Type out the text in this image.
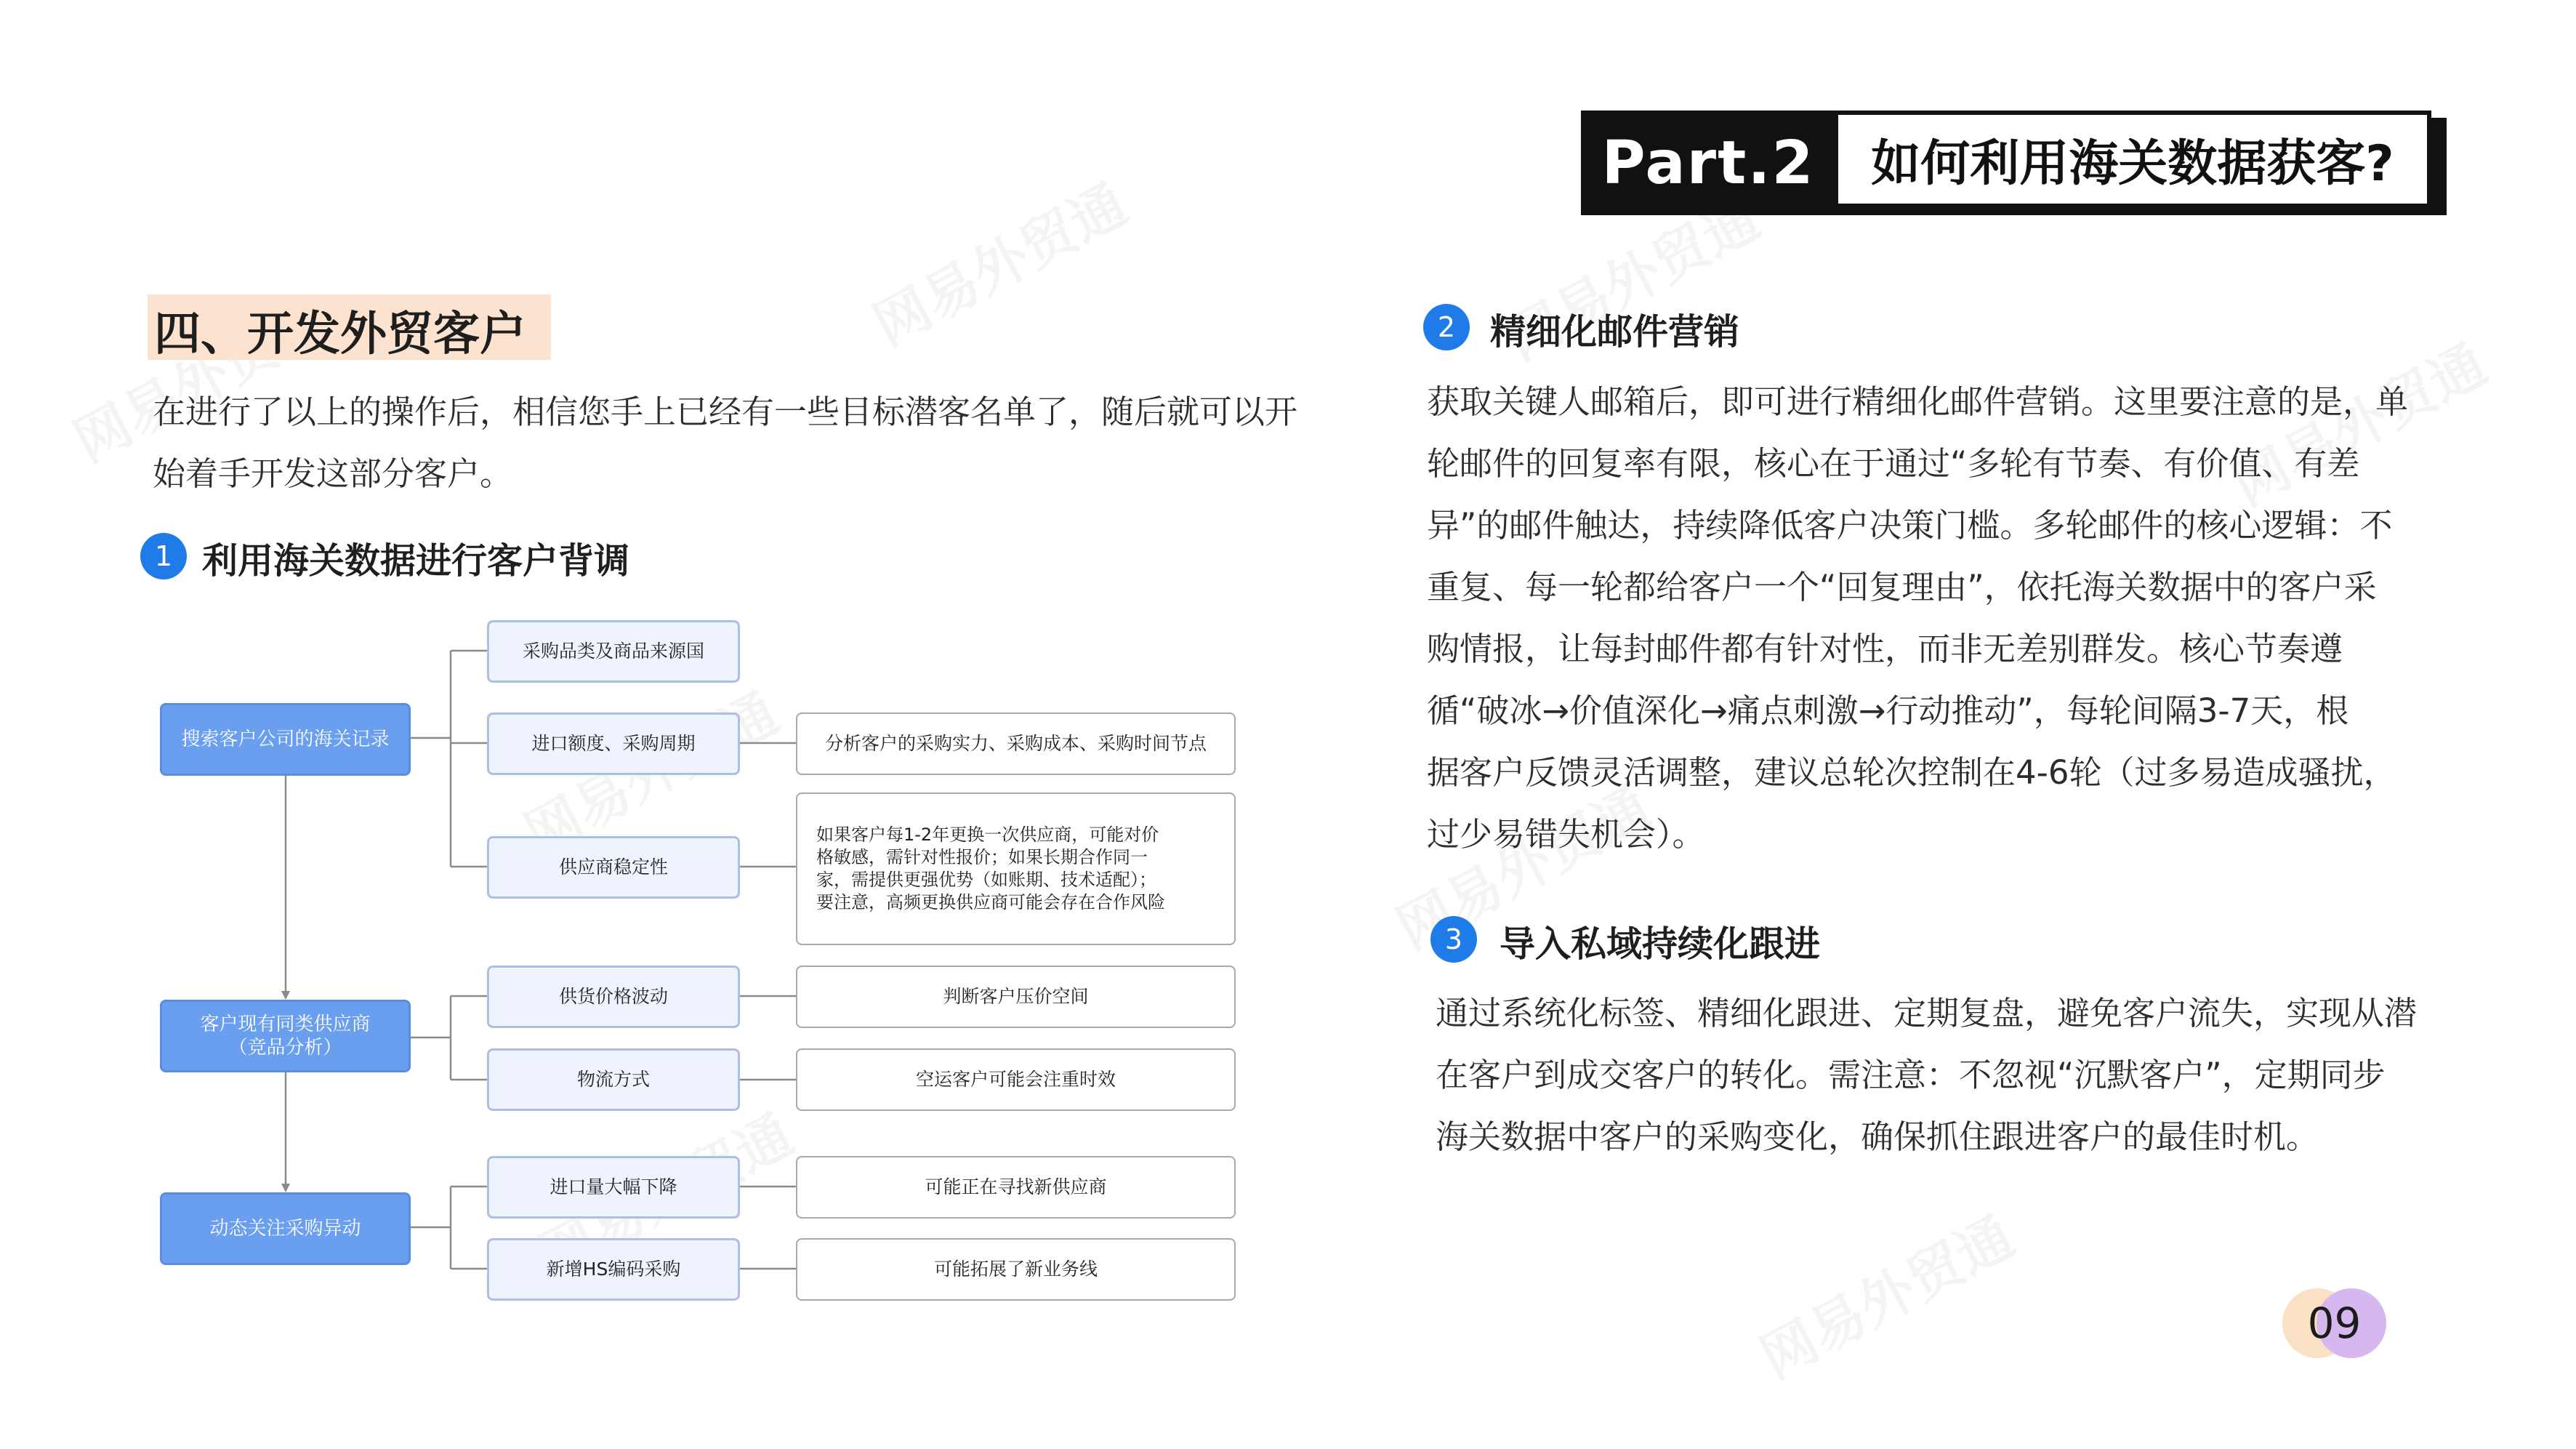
Part.2	如何利用海关数据获客?
四、开发外贸客户
在进行了以上的操作后，相信您手上已经有一些目标潜客名单了，随后就可以开
始着手开发这部分客户。
1 利用海关数据进行客户背调
搜索客户公司的海关记录
客户现有同类供应商
（竞品分析）
动态关注采购异动
采购品类及商品来源国
进口额度、采购周期
供应商稳定性
供货价格波动
物流方式
进口量大幅下降
新增HS编码采购
分析客户的采购实力、采购成本、采购时间节点
如果客户每1-2年更换一次供应商，可能对价
格敏感，需针对性报价；如果长期合作同一
家，需提供更强优势（如账期、技术适配）；
要注意，高频更换供应商可能会存在合作风险
判断客户压价空间
空运客户可能会注重时效
可能正在寻找新供应商
可能拓展了新业务线
2 精细化邮件营销
获取关键人邮箱后，即可进行精细化邮件营销。这里要注意的是，单
轮邮件的回复率有限，核心在于通过“多轮有节奏、有价值、有差
异”的邮件触达，持续降低客户决策门槛。多轮邮件的核心逻辑：不
重复、每一轮都给客户一个“回复理由”，依托海关数据中的客户采
购情报，让每封邮件都有针对性，而非无差别群发。核心节奏遵
循“破冰→价值深化→痛点刺激→行动推动”，每轮间隔3-7天，根
据客户反馈灵活调整，建议总轮次控制在4-6轮（过多易造成骚扰，
过少易错失机会）。
3	导入私域持续化跟进
通过系统化标签、精细化跟进、定期复盘，避免客户流失，实现从潜
在客户到成交客户的转化。需注意：不忽视“沉默客户”，定期同步
海关数据中客户的采购变化，确保抓住跟进客户的最佳时机。
09
